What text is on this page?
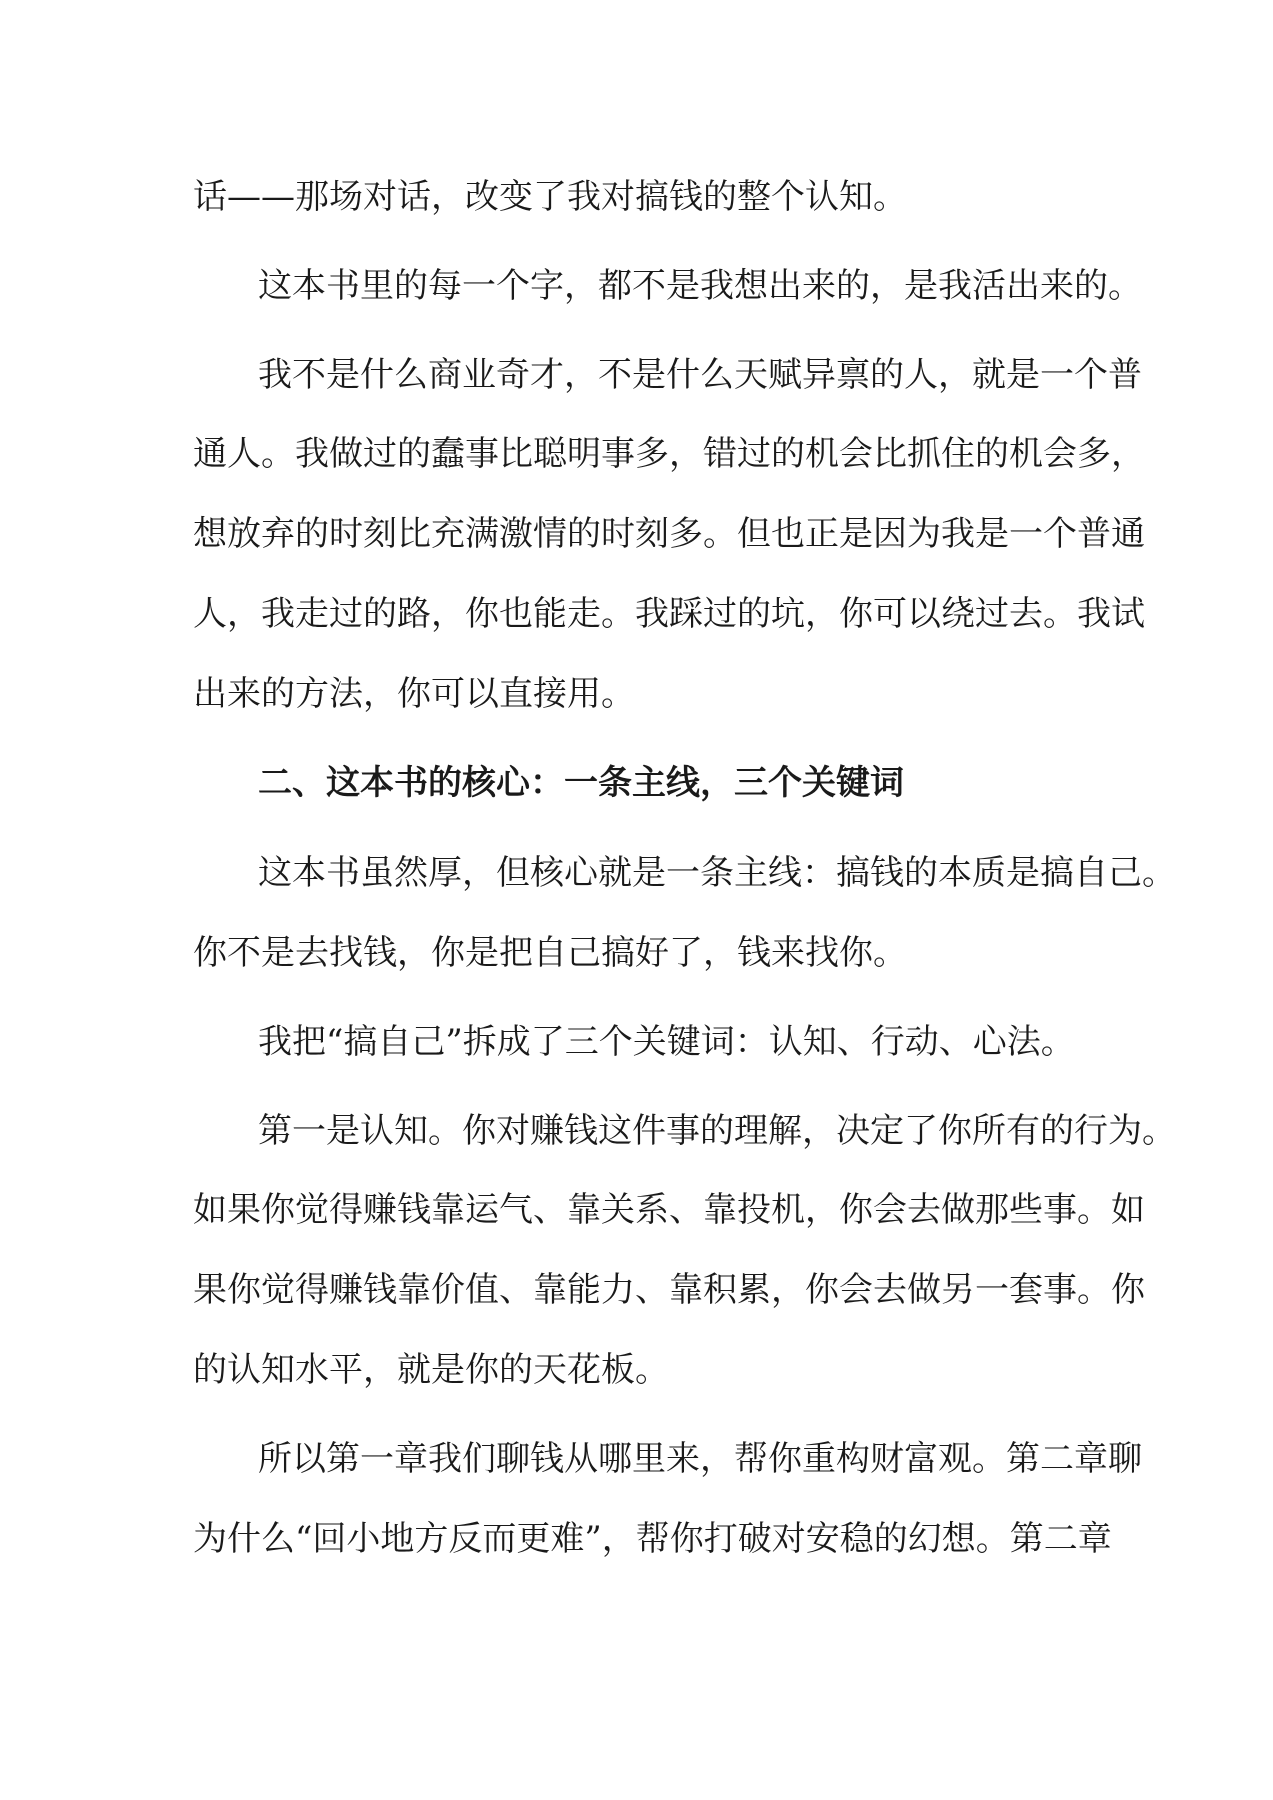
话——那场对话，改变了我对搞钱的整个认知。
这本书里的每一个字，都不是我想出来的，是我活出来的。
我不是什么商业奇才，不是什么天赋异禀的人，就是一个普
通人。我做过的蠢事比聪明事多，错过的机会比抓住的机会多，
想放弃的时刻比充满激情的时刻多。但也正是因为我是一个普通
人，我走过的路，你也能走。我踩过的坑，你可以绕过去。我试
出来的方法，你可以直接用。
二、这本书的核心：一条主线，三个关键词
这本书虽然厚，但核心就是一条主线：搞钱的本质是搞自己。
你不是去找钱，你是把自己搞好了，钱来找你。
我把“搞自己”拆成了三个关键词：认知、行动、心法。
第一是认知。你对赚钱这件事的理解，决定了你所有的行为。
如果你觉得赚钱靠运气、靠关系、靠投机，你会去做那些事。如
果你觉得赚钱靠价值、靠能力、靠积累，你会去做另一套事。你
的认知水平，就是你的天花板。
所以第一章我们聊钱从哪里来，帮你重构财富观。第二章聊
为什么“回小地方反而更难”，帮你打破对安稳的幻想。第二章
